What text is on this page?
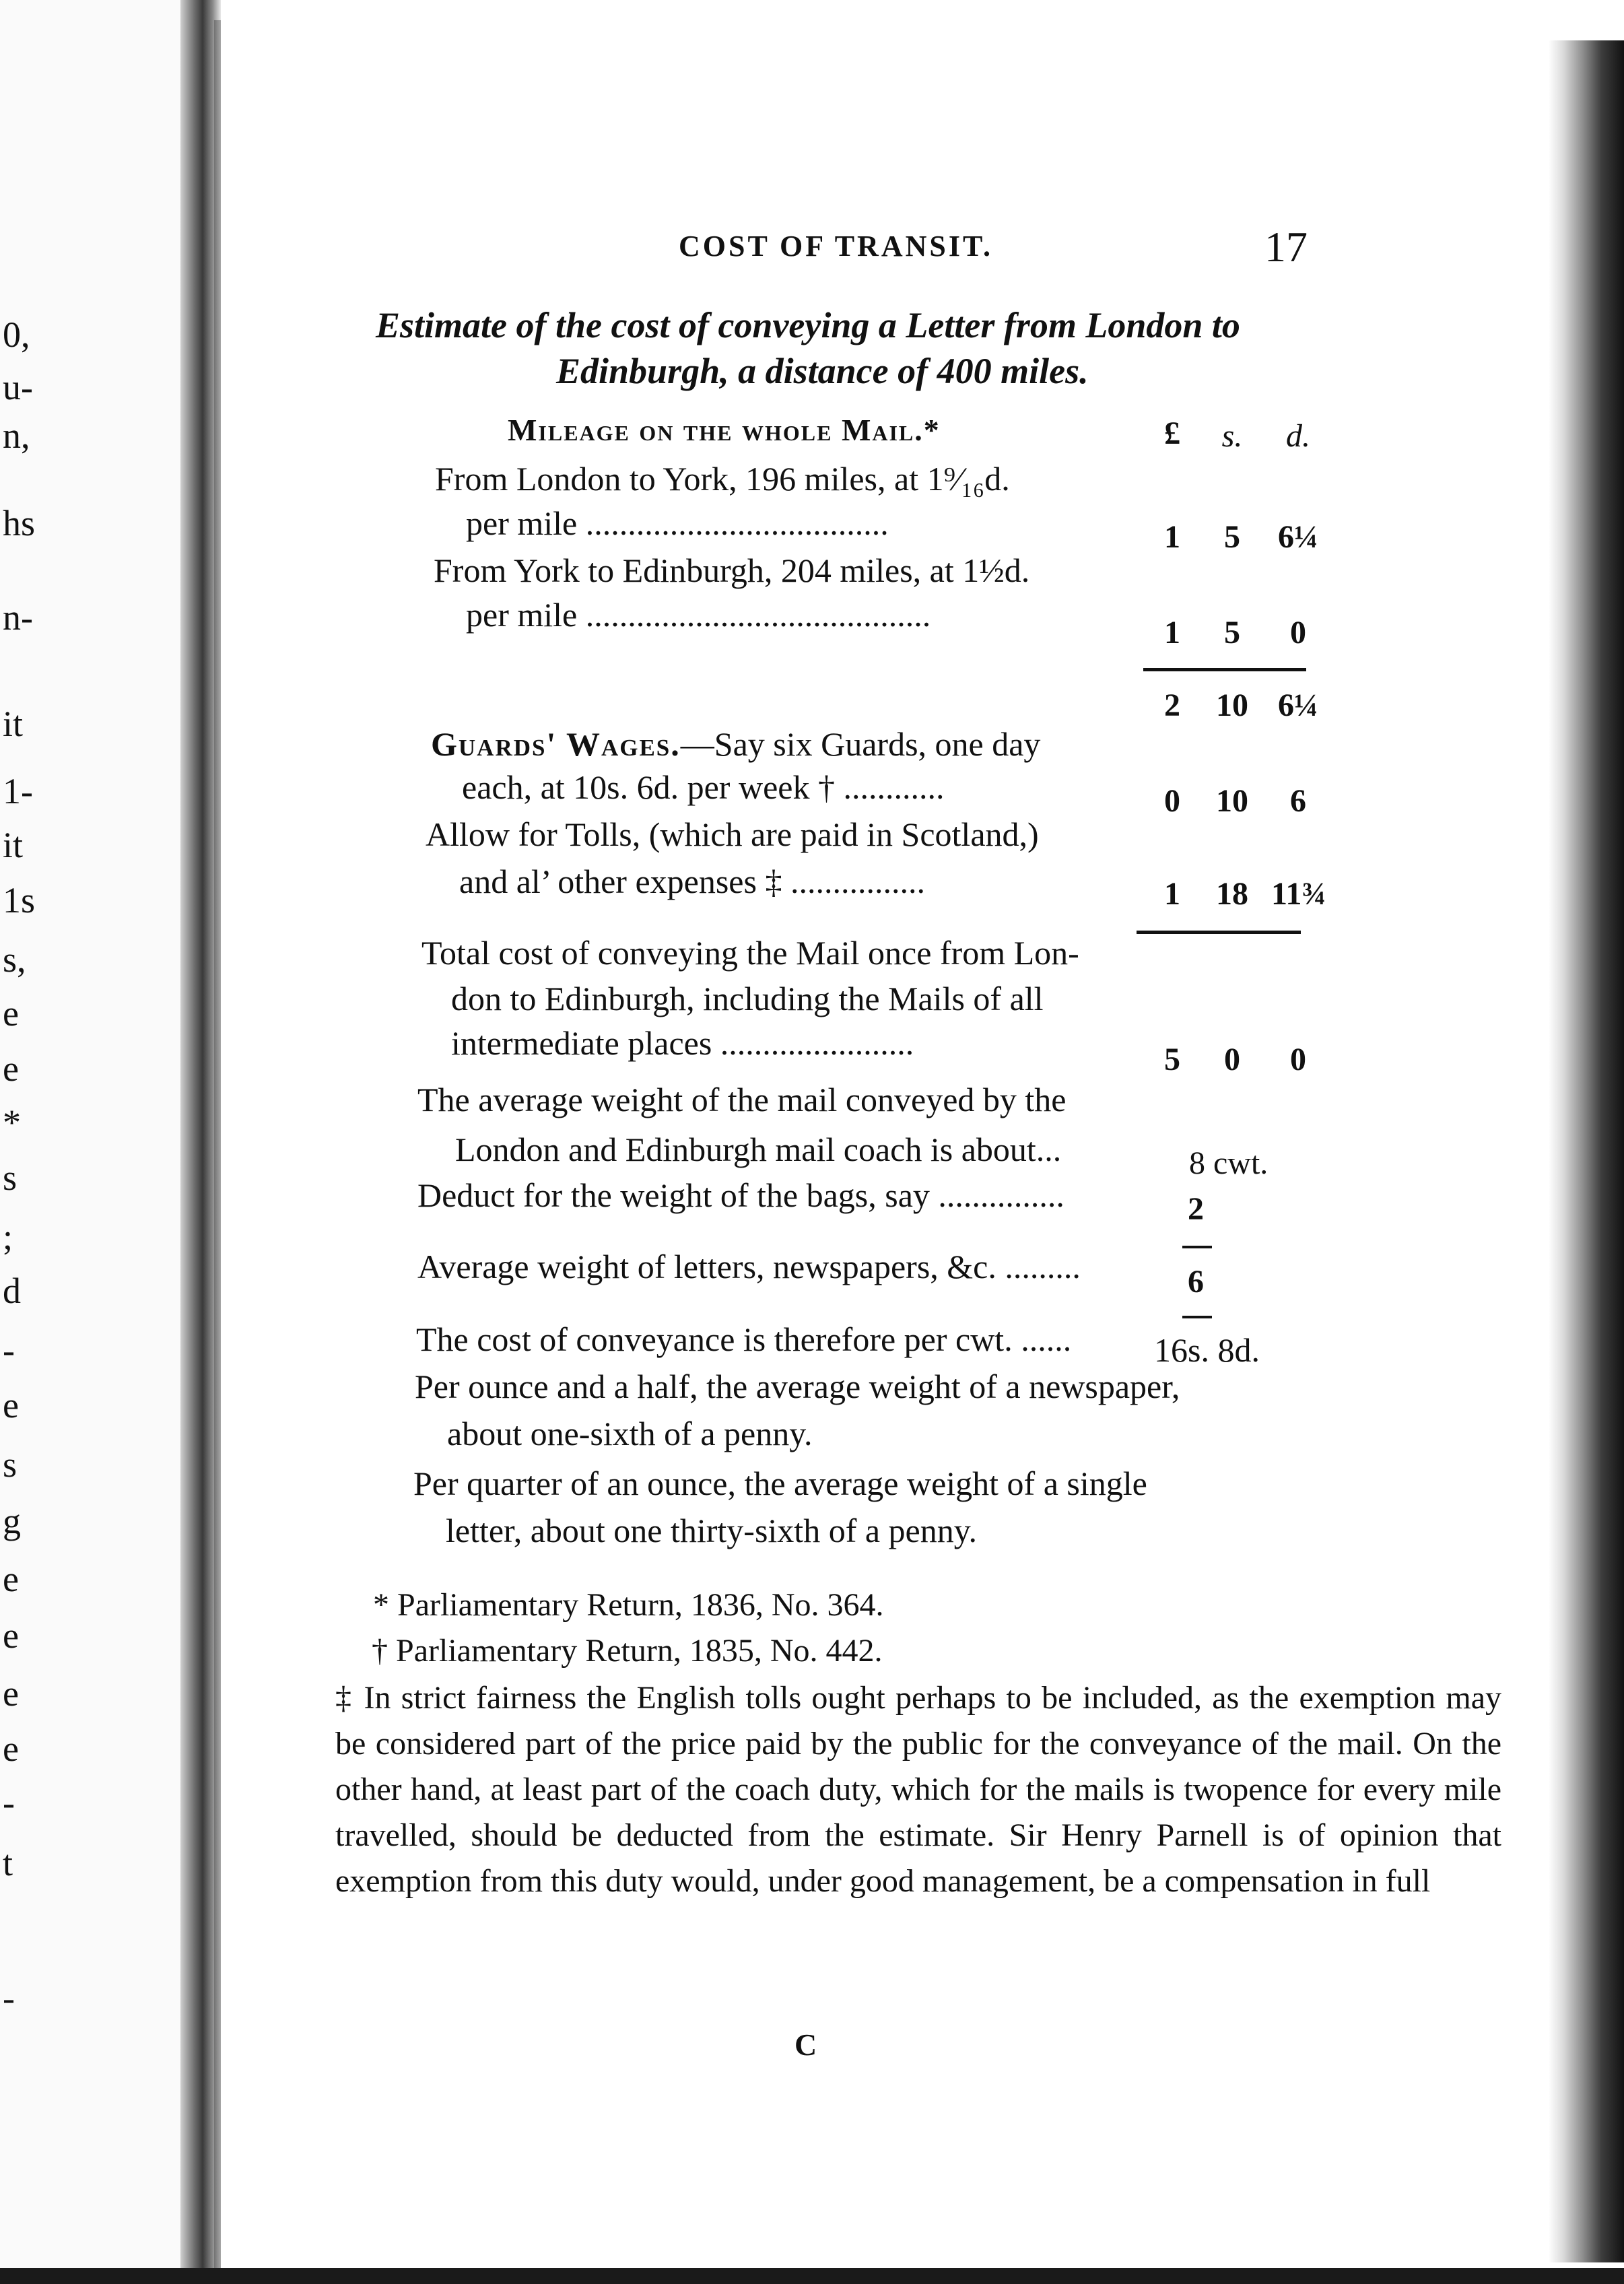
0,
u-
n,
hs
n-
it
1-
it
1s
s,
e
e
*
s
;
d
-
e
s
g
e
e
e
e
-
t
-
COST OF TRANSIT.	17
Estimate of the cost of conveying a Letter from London to
Edinburgh, a distance of 400 miles.
Mileage on the whole Mail.*	£	s.	d.
From London to York, 196 miles, at 1⁹⁄₁₆d.
per mile ....................................	1	5	6¼
From York to Edinburgh, 204 miles, at 1½d.
per mile .........................................	1	5	0
2	10 6¼
Guards' Wages.—Say six Guards, one day
each, at 10s. 6d. per week † ............	0	10	6
Allow for Tolls, (which are paid in Scotland,)
and al’ other expenses ‡ ................	1	18 11¾
Total cost of conveying the Mail once from Lon-
don to Edinburgh, including the Mails of all
intermediate places .......................	5	0	0
The average weight of the mail conveyed by the
London and Edinburgh mail coach is about...	8 cwt.
Deduct for the weight of the bags, say ...............	2
Average weight of letters, newspapers, &c. .........	6
The cost of conveyance is therefore per cwt. ...... 16s. 8d.
Per ounce and a half, the average weight of a newspaper,
about one-sixth of a penny.
Per quarter of an ounce, the average weight of a single
letter, about one thirty-sixth of a penny.
* Parliamentary Return, 1836, No. 364.
† Parliamentary Return, 1835, No. 442.
‡ In strict fairness the English tolls ought perhaps to be included, as the exemption may be considered part of the price paid by the public for the conveyance of the mail. On the other hand, at least part of the coach duty, which for the mails is twopence for every mile travelled, should be deducted from the estimate. Sir Henry Parnell is of opinion that exemption from this duty would, under good management, be a compensation in full
C
